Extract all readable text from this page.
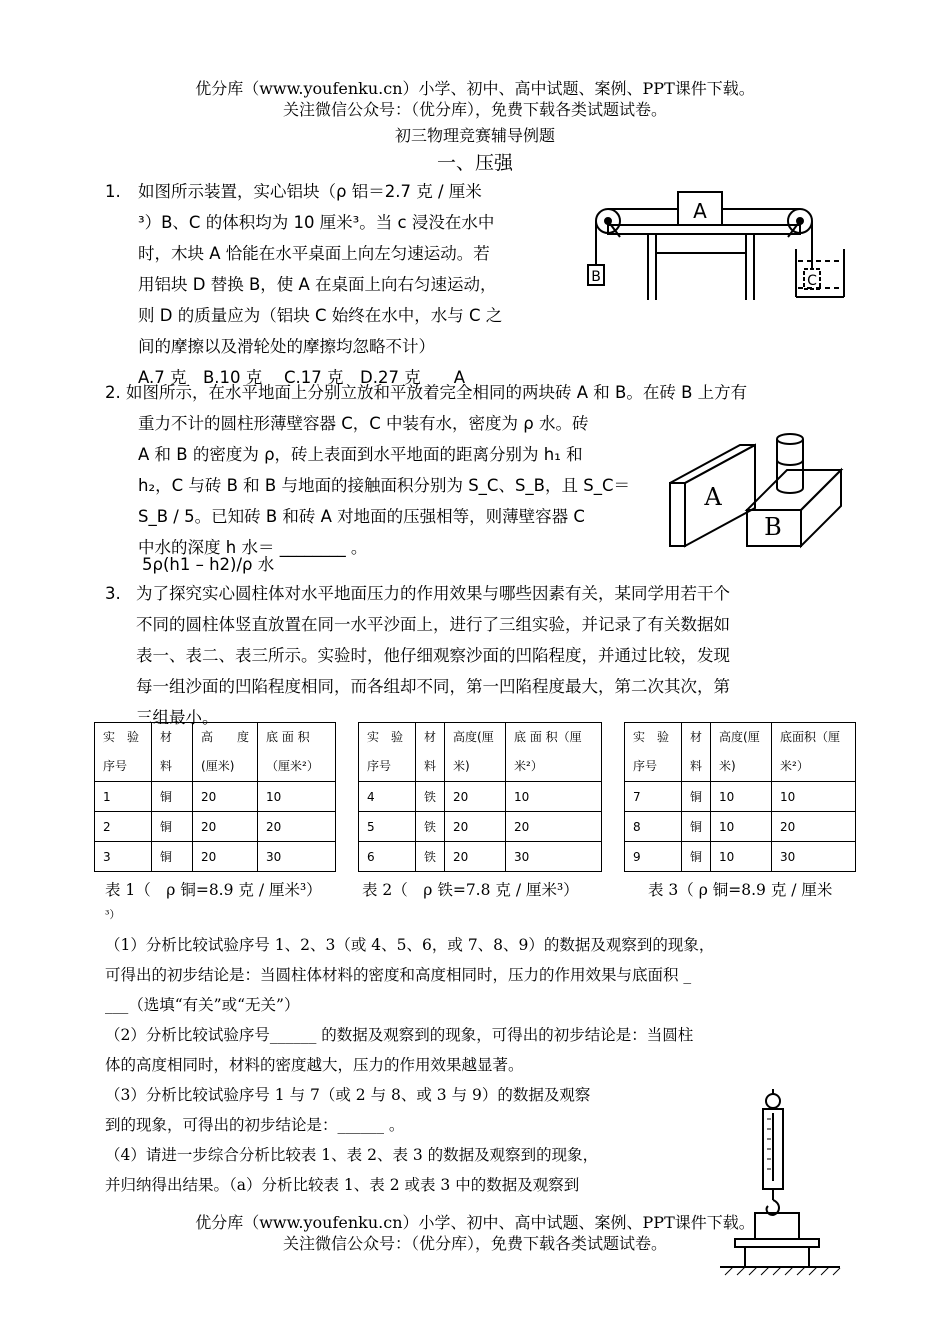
优分库（www.youfenku.cn）小学、初中、高中试题、案例、PPT课件下载。
关注微信公众号：（优分库），免费下载各类试题试卷。
初三物理竞赛辅导例题
一、压强
1. 如图所示装置，实心铝块（ρ 铝＝2.7 克 / 厘米
³）B、C 的体积均为 10 厘米³。当 c 浸没在水中
时，木块 A 恰能在水平桌面上向左匀速运动。若
用铝块 D 替换 B，使 A 在桌面上向右匀速运动，
则 D 的质量应为（铝块 C 始终在水中，水与 C 之
间的摩擦以及滑轮处的摩擦均忽略不计）
A.7 克　B.10 克　 C.17 克　D.27 克　　A
A
B	C
2. 如图所示，在水平地面上分别立放和平放着完全相同的两块砖 A 和 B。在砖 B 上方有
重力不计的圆柱形薄壁容器 C，C 中装有水，密度为 ρ 水。砖
A 和 B 的密度为 ρ，砖上表面到水平地面的距离分别为 h₁ 和
h₂，C 与砖 B 和 B 与地面的接触面积分别为 S_C、S_B，且 S_C＝
S_B / 5。已知砖 B 和砖 A 对地面的压强相等，则薄壁容器 C
中水的深度 h 水＝ ________ 。
5ρ(h1 – h2)/ρ 水
A
B
3. 为了探究实心圆柱体对水平地面压力的作用效果与哪些因素有关，某同学用若干个
不同的圆柱体竖直放置在同一水平沙面上，进行了三组实验，并记录了有关数据如
表一、表二、表三所示。实验时，他仔细观察沙面的凹陷程度，并通过比较，发现
每一组沙面的凹陷程度相同，而各组却不同，第一凹陷程度最大，第二次其次，第
三组最小。
实　验序号	材　料	高　　度(厘米)	底 面 积（厘米²）
1	铜	20	10
2	铜	20	20
3	铜	20	30
实　验序号	材料	高度(厘米)	底 面 积（厘米²）
4	铁	20	10
5	铁	20	20
6	铁	20	30
实　验序号	材料	高度(厘米)	底面积（厘米²）
7	铜	10	10
8	铜	10	20
9	铜	10	30
表 1（　ρ 铜=8.9 克 / 厘米³）	表 2（　ρ 铁=7.8 克 / 厘米³）	表 3（ ρ 铜=8.9 克 / 厘米
³）
（1）分析比较试验序号 1、2、3（或 4、5、6，或 7、8、9）的数据及观察到的现象，
可得出的初步结论是：当圆柱体材料的密度和高度相同时，压力的作用效果与底面积 _
___（选填“有关”或“无关”）
（2）分析比较试验序号______ 的数据及观察到的现象，可得出的初步结论是：当圆柱
体的高度相同时，材料的密度越大，压力的作用效果越显著。
（3）分析比较试验序号 1 与 7（或 2 与 8、或 3 与 9）的数据及观察
到的现象，可得出的初步结论是：______ 。
（4）请进一步综合分析比较表 1、表 2、表 3 的数据及观察到的现象，
并归纳得出结果。（a）分析比较表 1、表 2 或表 3 中的数据及观察到
优分库（www.youfenku.cn）小学、初中、高中试题、案例、PPT课件下载。
关注微信公众号：（优分库），免费下载各类试题试卷。
